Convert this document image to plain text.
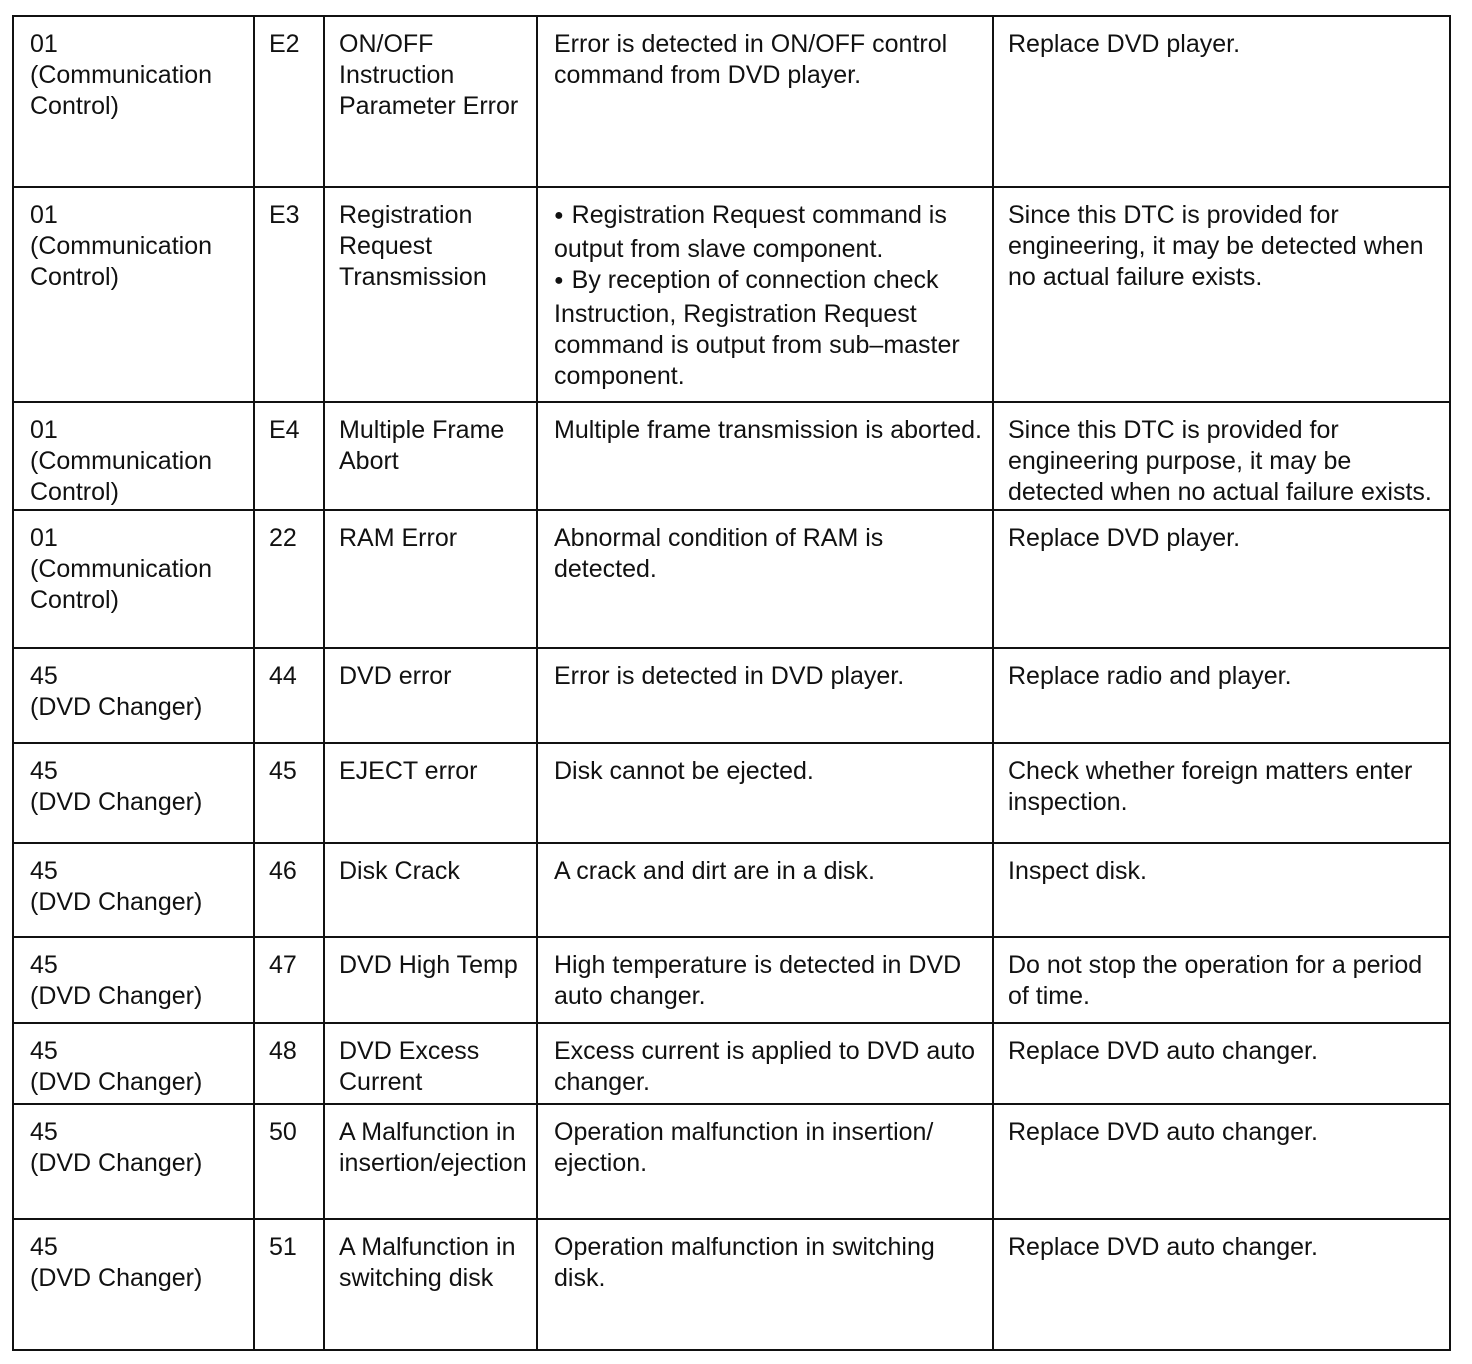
01
(Communication Control)	E2	ON/OFF Instruction Parameter Error	Error is detected in ON/OFF control command from DVD player.	Replace DVD player.

01
(Communication Control)	E3	Registration Request Transmission	● Registration Request command is output from slave component.
● By reception of connection check Instruction, Registration Request command is output from sub–master component.	Since this DTC is provided for engineering, it may be detected when no actual failure exists.

01
(Communication Control)	E4	Multiple Frame Abort	Multiple frame transmission is aborted.	Since this DTC is provided for engineering purpose, it may be detected when no actual failure exists.

01
(Communication Control)	22	RAM Error	Abnormal condition of RAM is detected.	Replace DVD player.

45
(DVD Changer)	44	DVD error	Error is detected in DVD player.	Replace radio and player.

45
(DVD Changer)	45	EJECT error	Disk cannot be ejected.	Check whether foreign matters enter inspection.

45
(DVD Changer)	46	Disk Crack	A crack and dirt are in a disk.	Inspect disk.

45
(DVD Changer)	47	DVD High Temp	High temperature is detected in DVD auto changer.	Do not stop the operation for a period of time.

45
(DVD Changer)	48	DVD Excess Current	Excess current is applied to DVD auto changer.	Replace DVD auto changer.

45
(DVD Changer)	50	A Malfunction in insertion/ejection	Operation malfunction in insertion/ ejection.	Replace DVD auto changer.

45
(DVD Changer)	51	A Malfunction in switching disk	Operation malfunction in switching disk.	Replace DVD auto changer.
